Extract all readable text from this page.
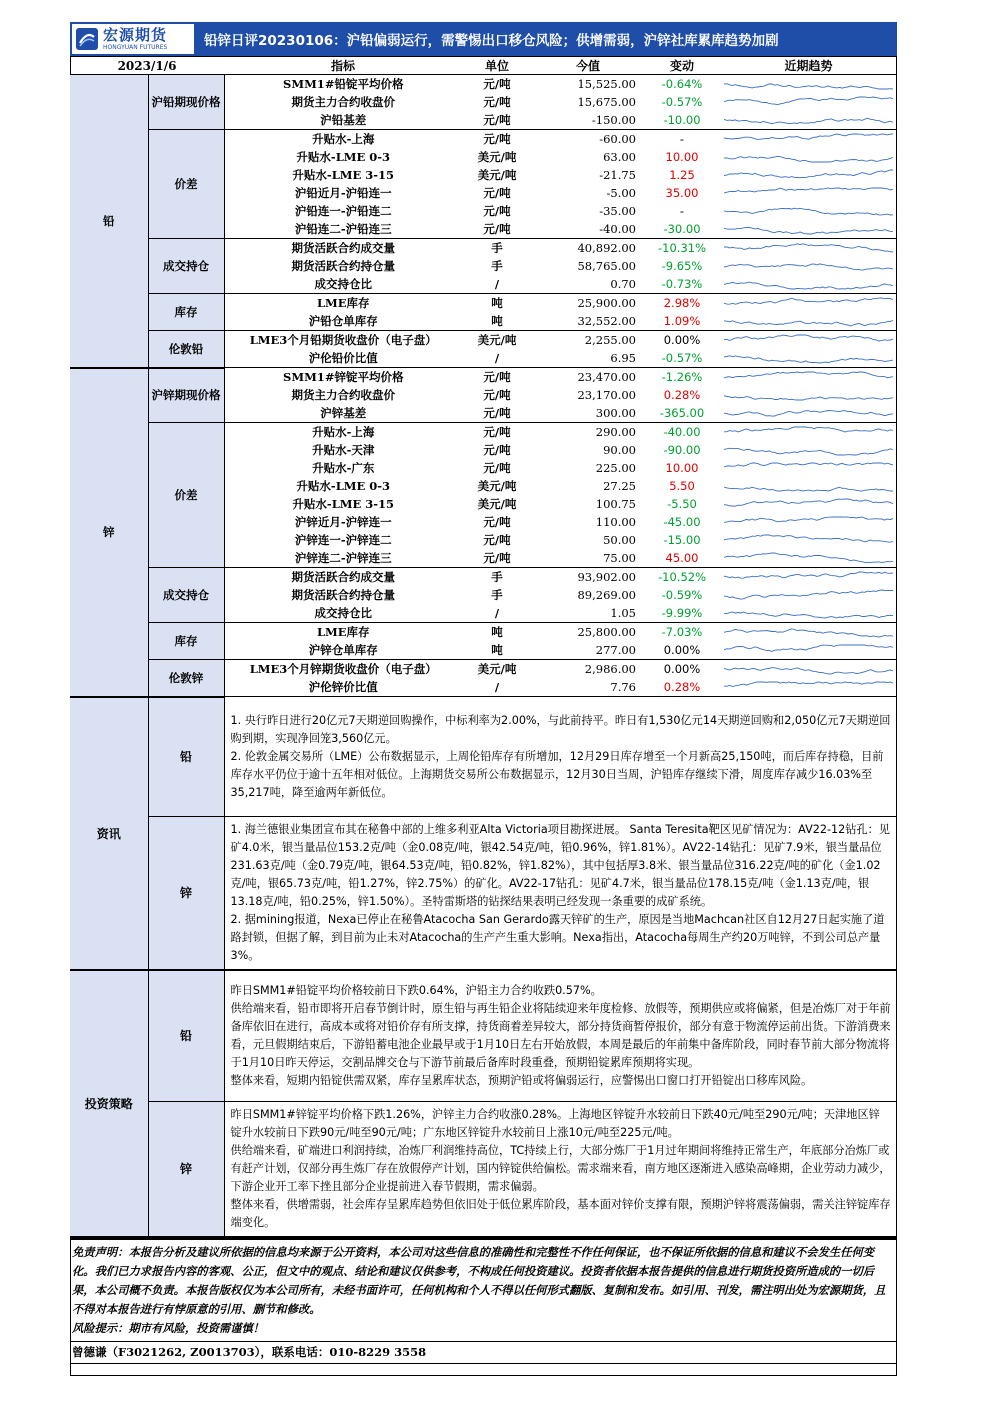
宏源期货
HONGYUAN FUTURES	铅锌日评20230106：沪铅偏弱运行，需警惕出口移仓风险；供增需弱，沪锌社库累库趋势加剧
2023/1/6		指标	单位	今值	变动	近期趋势
铅	沪铅期现价格	SMM1#铅锭平均价格	元/吨	15,525.00	-0.64%	

		期货主力合约收盘价	元/吨	15,675.00	-0.57%	

		沪铅基差	元/吨	-150.00	-10.00	

	价差	升贴水-上海	元/吨	-60.00	-	

		升贴水-LME 0-3	美元/吨	63.00	10.00	

		升贴水-LME 3-15	美元/吨	-21.75	1.25	

		沪铅近月-沪铅连一	元/吨	-5.00	35.00	

		沪铅连一-沪铅连二	元/吨	-35.00	-	

		沪铅连二-沪铅连三	元/吨	-40.00	-30.00	

	成交持仓	期货活跃合约成交量	手	40,892.00	-10.31%	

		期货活跃合约持仓量	手	58,765.00	-9.65%	

		成交持仓比	/	0.70	-0.73%	

	库存	LME库存	吨	25,900.00	2.98%	

		沪铅仓单库存	吨	32,552.00	1.09%	

	伦敦铅	LME3个月铅期货收盘价（电子盘）	美元/吨	2,255.00	0.00%	

		沪伦铅价比值	/	6.95	-0.57%	

锌	沪锌期现价格	SMM1#锌锭平均价格	元/吨	23,470.00	-1.26%	

		期货主力合约收盘价	元/吨	23,170.00	0.28%	

		沪锌基差	元/吨	300.00	-365.00	

	价差	升贴水-上海	元/吨	290.00	-40.00	

		升贴水-天津	元/吨	90.00	-90.00	

		升贴水-广东	元/吨	225.00	10.00	

		升贴水-LME 0-3	美元/吨	27.25	5.50	

		升贴水-LME 3-15	美元/吨	100.75	-5.50	

		沪锌近月-沪锌连一	元/吨	110.00	-45.00	

		沪锌连一-沪锌连二	元/吨	50.00	-15.00	

		沪锌连二-沪锌连三	元/吨	75.00	45.00	

	成交持仓	期货活跃合约成交量	手	93,902.00	-10.52%	

		期货活跃合约持仓量	手	89,269.00	-0.59%	

		成交持仓比	/	1.05	-9.99%	

	库存	LME库存	吨	25,800.00	-7.03%	

		沪锌仓单库存	吨	277.00	0.00%	

	伦敦锌	LME3个月锌期货收盘价（电子盘）	美元/吨	2,986.00	0.00%	

		沪伦锌价比值	/	7.76	0.28%	
资讯	铅	1. 央行昨日进行20亿元7天期逆回购操作，中标利率为2.00%，与此前持平。昨日有1,530亿元14天期逆回购和2,050亿元7天期逆回购到期，实现净回笼3,560亿元。

2. 伦敦金属交易所（LME）公布数据显示，上周伦铅库存有所增加，12月29日库存增至一个月新高25,150吨，而后库存持稳，目前库存水平仍位于逾十五年相对低位。上海期货交易所公布数据显示，12月30日当周，沪铅库存继续下滑，周度库存减少16.03%至35,217吨，降至逾两年新低位。

	锌	1. 海兰德银业集团宣布其在秘鲁中部的上维多利亚Alta Victoria项目勘探进展。 Santa Teresita靶区见矿情况为：AV22-12钻孔：见矿4.0米，银当量品位153.2克/吨（金0.08克/吨，银42.54克/吨，铅0.96%，锌1.81%）。AV22-14钻孔：见矿7.9米，银当量品位231.63克/吨（金0.79克/吨，银64.53克/吨，铅0.82%，锌1.82%），其中包括厚3.8米、银当量品位316.22克/吨的矿化（金1.02克/吨，银65.73克/吨，铅1.27%，锌2.75%）的矿化。AV22-17钻孔：见矿4.7米，银当量品位178.15克/吨（金1.13克/吨，银13.18克/吨，铅0.25%，锌1.50%）。圣特雷斯塔的钻探结果表明已经发现一条重要的成矿系统。

2. 据mining报道，Nexa已停止在秘鲁Atacocha San Gerardo露天锌矿的生产，原因是当地Machcan社区自12月27日起实施了道路封锁，但据了解，到目前为止未对Atacocha的生产产生重大影响。Nexa指出，Atacocha每周生产约20万吨锌，不到公司总产量3%。

投资策略	铅	昨日SMM1#铅锭平均价格较前日下跌0.64%，沪铅主力合约收跌0.57%。

供给端来看，铅市即将开启春节倒计时，原生铅与再生铅企业将陆续迎来年度检修、放假等，预期供应或将偏紧，但是冶炼厂对于年前备库依旧在进行，高成本或将对铅价存有所支撑，持货商着差异较大，部分持货商暂停报价，部分有意于物流停运前出货。下游消费来看，元旦假期结束后，下游铅蓄电池企业最早或于1月10日左右开始放假，本周是最后的年前集中备库阶段，同时春节前大部分物流将于1月10日昨天停运，交割品牌交仓与下游节前最后备库时段重叠，预期铅锭累库预期将实现。

整体来看，短期内铅锭供需双紧，库存呈累库状态，预期沪铅或将偏弱运行，应警惕出口窗口打开铅锭出口移库风险。

	锌	昨日SMM1#锌锭平均价格下跌1.26%，沪锌主力合约收涨0.28%。上海地区锌锭升水较前日下跌40元/吨至290元/吨；天津地区锌锭升水较前日下跌90元/吨至90元/吨；广东地区锌锭升水较前日上涨10元/吨至225元/吨。

供给端来看，矿端进口利润持续，冶炼厂利润维持高位，TC持续上行，大部分炼厂于1月过年期间将维持正常生产，年底部分冶炼厂或有赶产计划，仅部分再生炼厂存在放假停产计划，国内锌锭供给偏松。需求端来看，南方地区逐渐进入感染高峰期，企业劳动力减少，下游企业开工率下挫且部分企业提前进入春节假期，需求偏弱。

整体来看，供增需弱，社会库存呈累库趋势但依旧处于低位累库阶段，基本面对锌价支撑有限，预期沪锌将震荡偏弱，需关注锌锭库存端变化。

免责声明：本报告分析及建议所依据的信息均来源于公开资料，本公司对这些信息的准确性和完整性不作任何保证，也不保证所依据的信息和建议不会发生任何变化。我们已力求报告内容的客观、公正，但文中的观点、结论和建议仅供参考，不构成任何投资建议。投资者依据本报告提供的信息进行期货投资所造成的一切后果，本公司概不负责。本报告版权仅为本公司所有，未经书面许可，任何机构和个人不得以任何形式翻版、复制和发布。如引用、刊发，需注明出处为宏源期货，且不得对本报告进行有悖原意的引用、删节和修改。

风险提示：期市有风险，投资需谨慎！

曾德谦（F3021262, Z0013703），联系电话：010-8229 3558
